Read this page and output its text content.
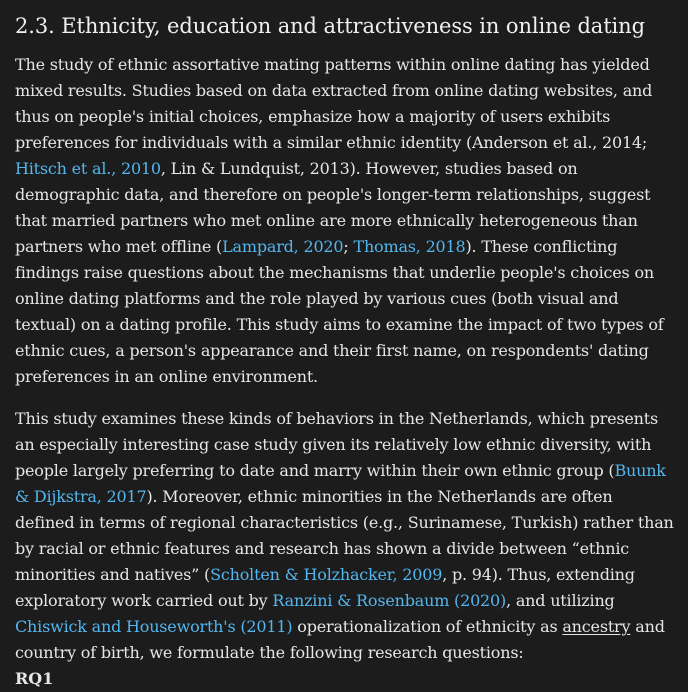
2.3. Ethnicity, education and attractiveness in online dating

The study of ethnic assortative mating patterns within online dating has yielded mixed results. Studies based on data extracted from online dating websites, and thus on people's initial choices, emphasize how a majority of users exhibits preferences for individuals with a similar ethnic identity (Anderson et al., 2014; Hitsch et al., 2010, Lin & Lundquist, 2013). However, studies based on demographic data, and therefore on people's longer-term relationships, suggest that married partners who met online are more ethnically heterogeneous than partners who met offline (Lampard, 2020; Thomas, 2018). These conflicting findings raise questions about the mechanisms that underlie people's choices on online dating platforms and the role played by various cues (both visual and textual) on a dating profile. This study aims to examine the impact of two types of ethnic cues, a person's appearance and their first name, on respondents' dating preferences in an online environment.

This study examines these kinds of behaviors in the Netherlands, which presents an especially interesting case study given its relatively low ethnic diversity, with people largely preferring to date and marry within their own ethnic group (Buunk & Dijkstra, 2017). Moreover, ethnic minorities in the Netherlands are often defined in terms of regional characteristics (e.g., Surinamese, Turkish) rather than by racial or ethnic features and research has shown a divide between “ethnic minorities and natives” (Scholten & Holzhacker, 2009, p. 94). Thus, extending exploratory work carried out by Ranzini & Rosenbaum (2020), and utilizing Chiswick and Houseworth's (2011) operationalization of ethnicity as ancestry and country of birth, we formulate the following research questions:

RQ1
